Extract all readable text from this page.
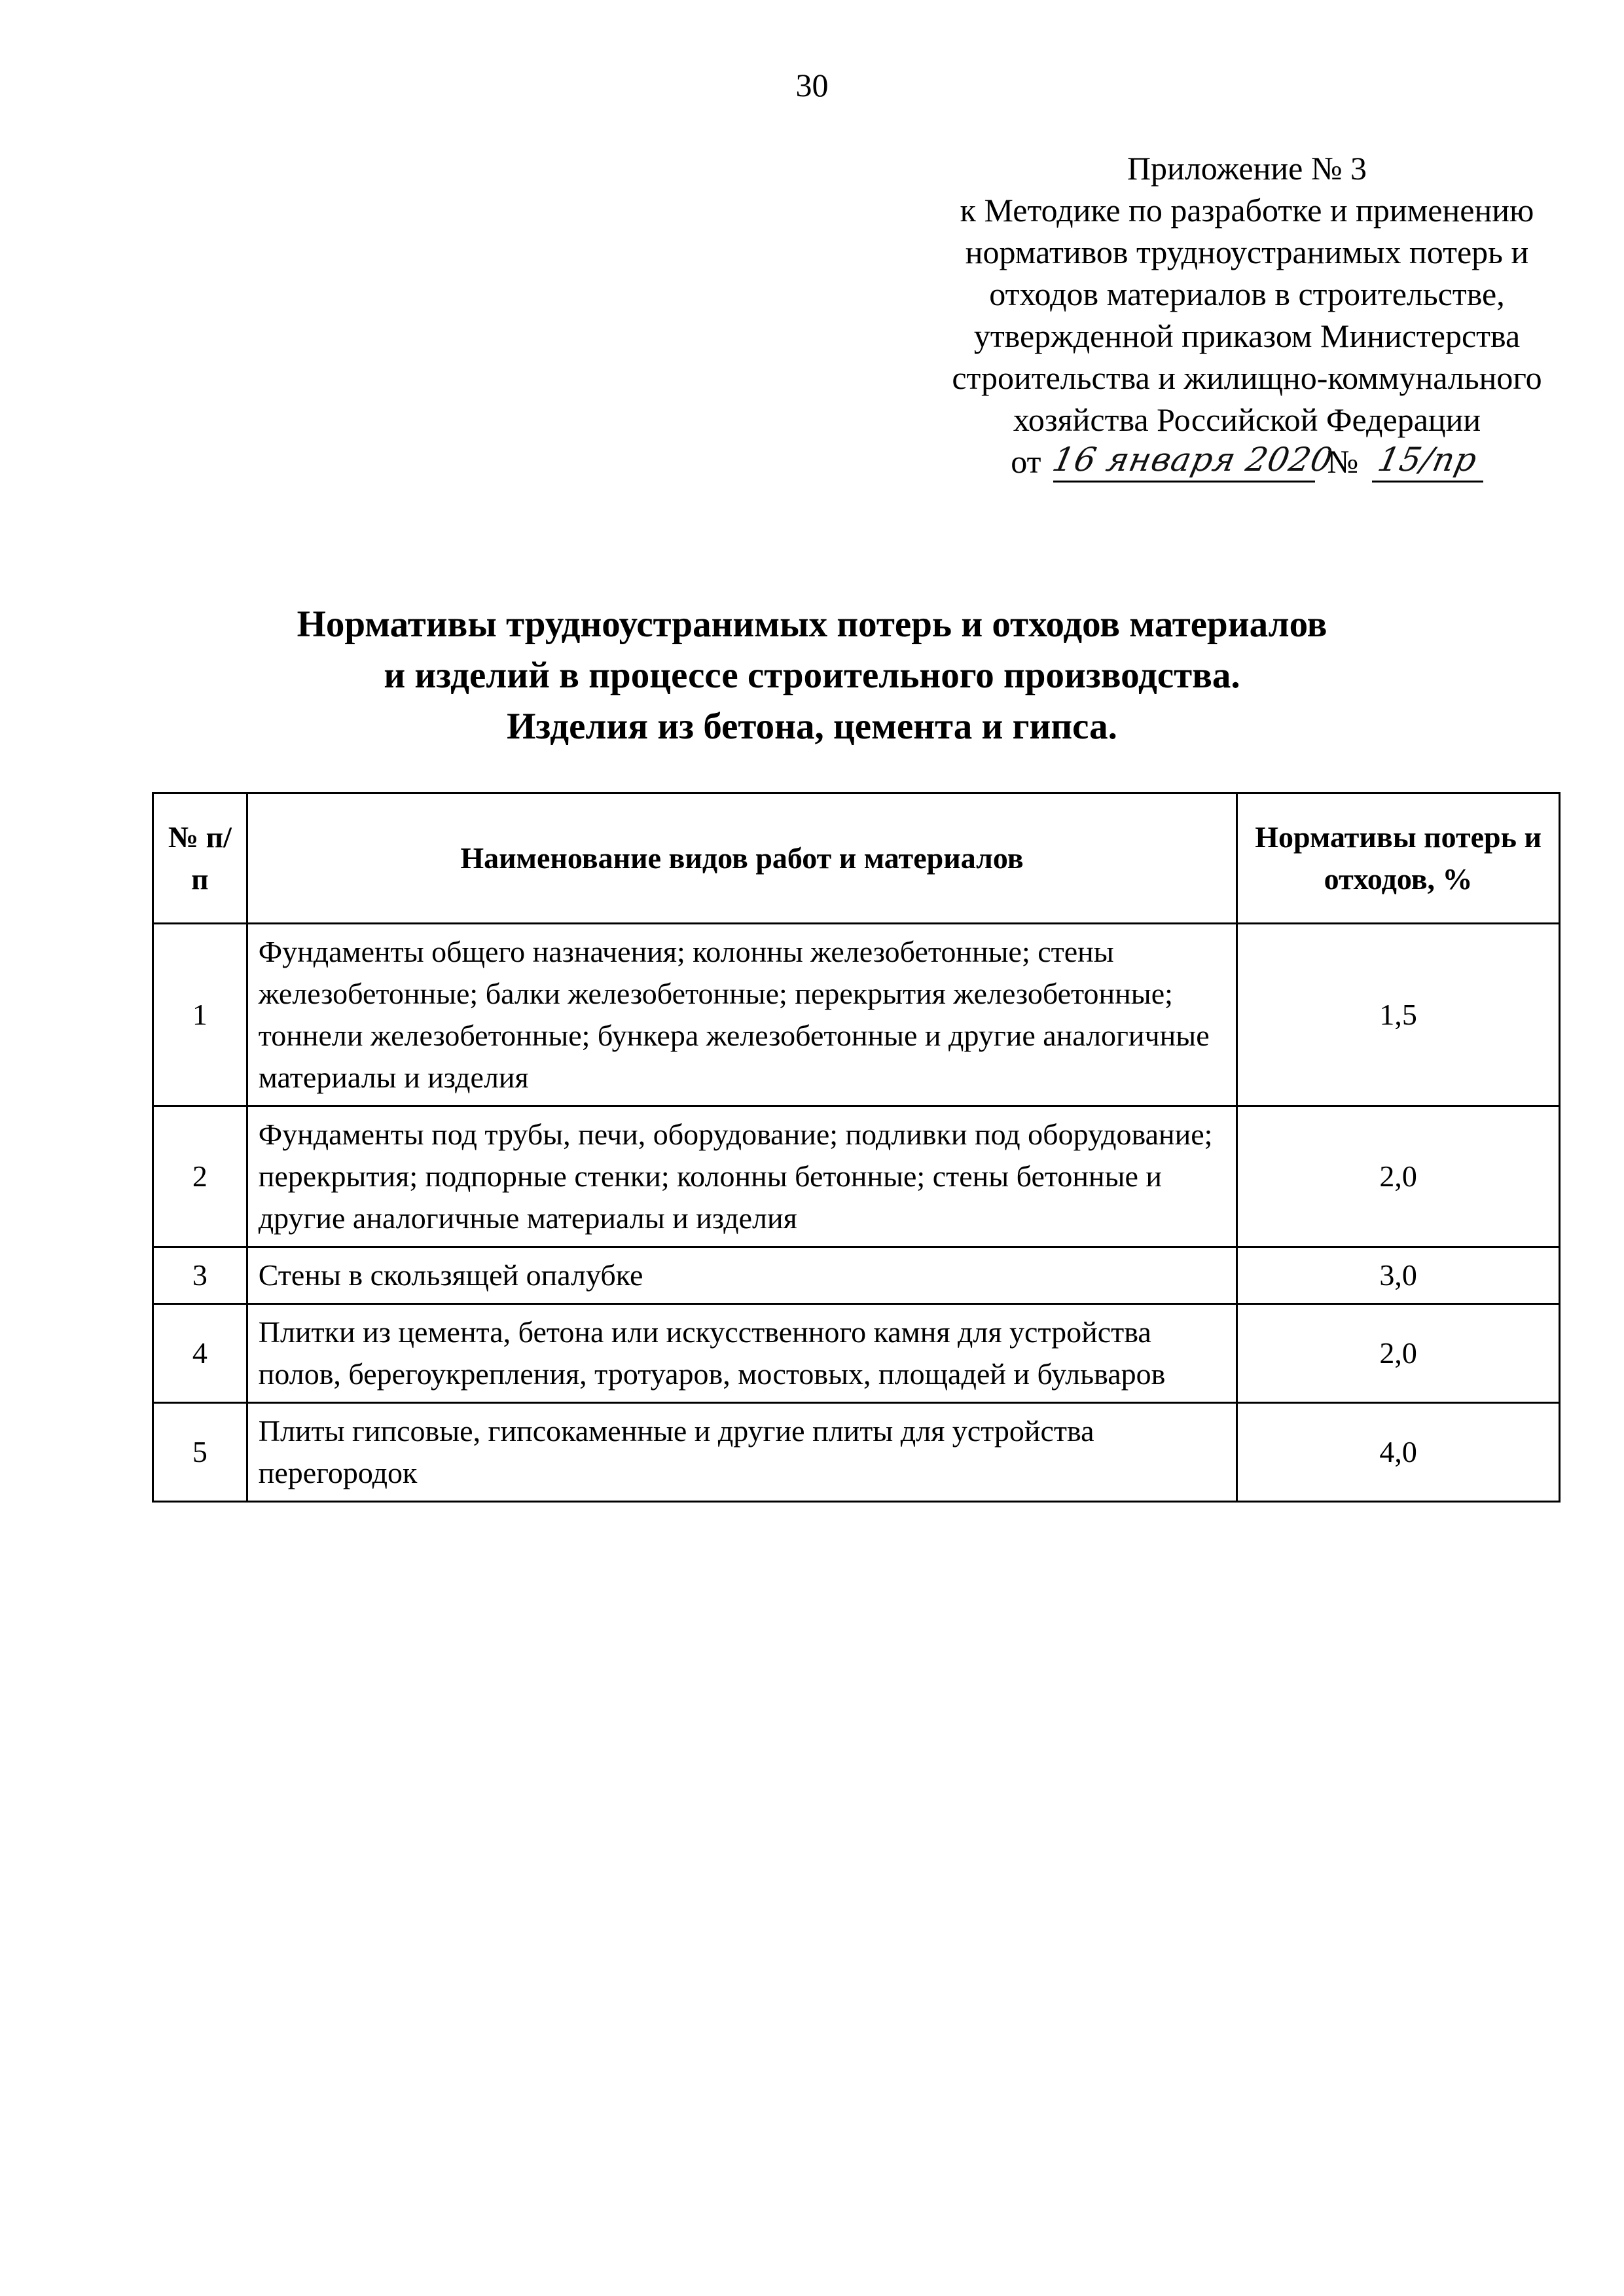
30
Приложение № 3
к Методике по разработке и применению
нормативов трудноустранимых потерь и
отходов материалов в строительстве,
утвержденной приказом Министерства
строительства и жилищно-коммунального
хозяйства Российской Федерации
от 16 января 2020
№ 15/пр
Нормативы трудноустранимых потерь и отходов материалов
и изделий в процессе строительного производства.
Изделия из бетона, цемента и гипса.
№ п/п	Наименование видов работ и материалов	Нормативы потерь и отходов, %
1	Фундаменты общего назначения; колонны железобетонные; стены железобетонные; балки железобетонные; перекрытия железобетонные; тоннели железобетонные; бункера железобетонные и другие аналогичные материалы и изделия	1,5
2	Фундаменты под трубы, печи, оборудование; подливки под оборудование; перекрытия; подпорные стенки; колонны бетонные; стены бетонные и другие аналогичные материалы и изделия	2,0
3	Стены в скользящей опалубке	3,0
4	Плитки из цемента, бетона или искусственного камня для устройства полов, берегоукрепления, тротуаров, мостовых, площадей и бульваров	2,0
5	Плиты гипсовые, гипсокаменные и другие плиты для устройства перегородок	4,0
